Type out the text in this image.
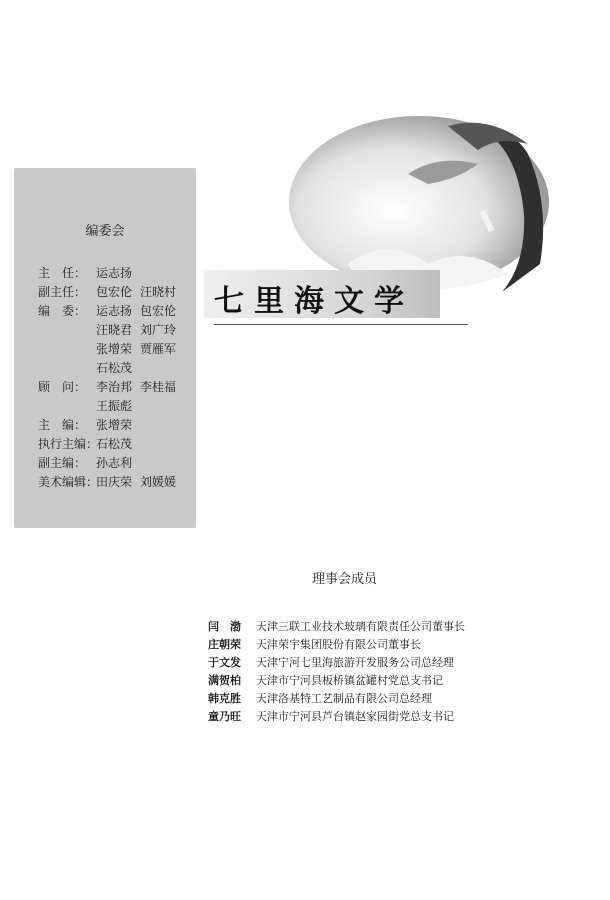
编委会
主　任： 运志扬
副主任： 包宏伦 汪晓村
编　委： 运志扬 包宏伦
汪晓君 刘广玲
张增荣 贾雁军
石松茂
顾　问： 李治邦 李桂福
王振彪
主　编： 张增荣
执行主编：石松茂
副主编： 孙志利
美术编辑：田庆荣 刘媛媛
七里海文学
理事会成员
闫　渤 天津三联工业技术玻璃有限责任公司董事长
庄朝荣 天津荣宇集团股份有限公司董事长
于文发 天津宁河七里海旅游开发服务公司总经理
满贺柏 天津市宁河县板桥镇盆罐村党总支书记
韩克胜 天津洛基特工艺制品有限公司总经理
童乃旺 天津市宁河县芦台镇赵家园街党总支书记
